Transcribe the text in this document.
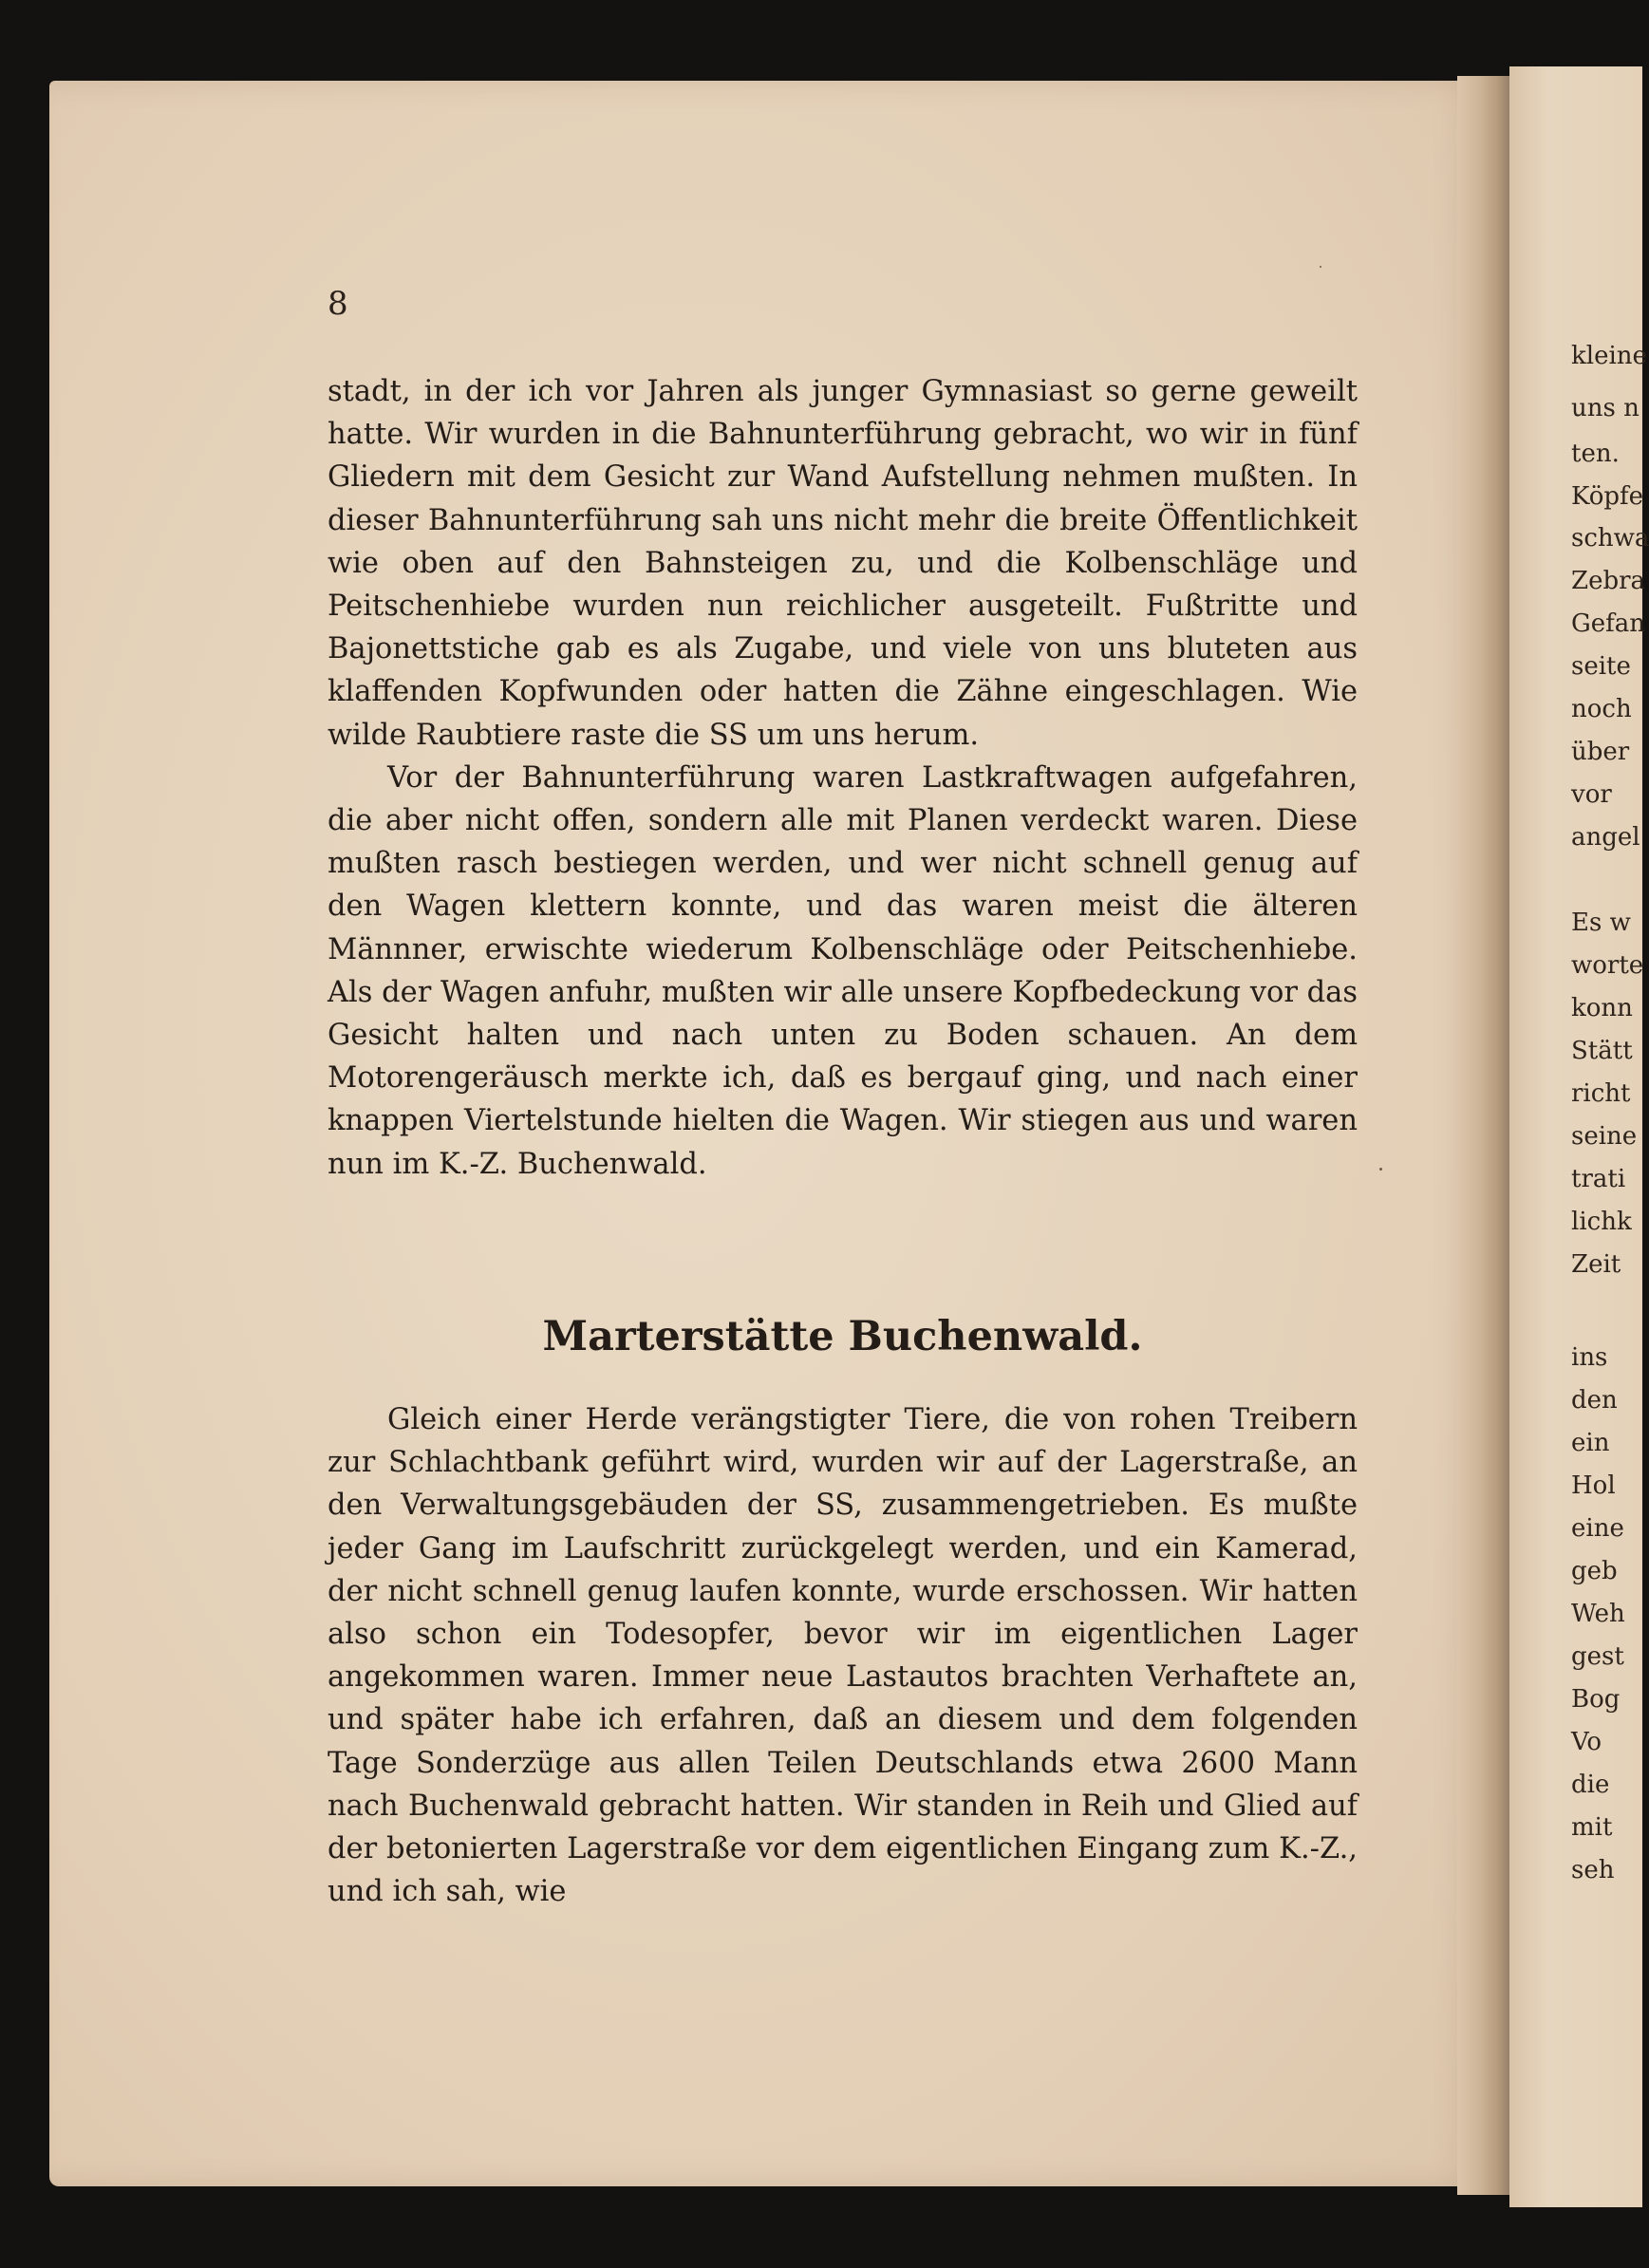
8

stadt, in der ich vor Jahren als junger Gymnasiast so gerne geweilt hatte. Wir wurden in die Bahnunterführung gebracht, wo wir in fünf Gliedern mit dem Gesicht zur Wand Aufstellung nehmen mußten. In dieser Bahnunterführung sah uns nicht mehr die breite Öffentlichkeit wie oben auf den Bahnsteigen zu, und die Kolbenschläge und Peitschenhiebe wurden nun reichlicher ausgeteilt. Fußtritte und Bajonettstiche gab es als Zugabe, und viele von uns bluteten aus klaffenden Kopfwunden oder hatten die Zähne eingeschlagen. Wie wilde Raubtiere raste die SS um uns herum.

Vor der Bahnunterführung waren Lastkraftwagen aufgefahren, die aber nicht offen, sondern alle mit Planen verdeckt waren. Diese mußten rasch bestiegen werden, und wer nicht schnell genug auf den Wagen klettern konnte, und das waren meist die älteren Männner, erwischte wiederum Kolbenschläge oder Peitschenhiebe. Als der Wagen anfuhr, mußten wir alle unsere Kopfbedeckung vor das Gesicht halten und nach unten zu Boden schauen. An dem Motorengeräusch merkte ich, daß es bergauf ging, und nach einer knappen Viertelstunde hielten die Wagen. Wir stiegen aus und waren nun im K.-Z. Buchenwald.

Marterstätte Buchenwald.

Gleich einer Herde verängstigter Tiere, die von rohen Treibern zur Schlachtbank geführt wird, wurden wir auf der Lagerstraße, an den Verwaltungsgebäuden der SS, zusammengetrieben. Es mußte jeder Gang im Laufschritt zurückgelegt werden, und ein Kamerad, der nicht schnell genug laufen konnte, wurde erschossen. Wir hatten also schon ein Todesopfer, bevor wir im eigentlichen Lager angekommen waren. Immer neue Lastautos brachten Verhaftete an, und später habe ich erfahren, daß an diesem und dem folgenden Tage Sonderzüge aus allen Teilen Deutschlands etwa 2600 Mann nach Buchenwald gebracht hatten. Wir standen in Reih und Glied auf der betonierten Lagerstraße vor dem eigentlichen Eingang zum K.-Z., und ich sah, wie

kleine
uns n
ten.
Köpfe
schwa
Zebra
Gefan
seite
noch
über
vor
angel
Es w
worte
konn
Stätt
richt
seine
trati
lichk
Zeit
ins
den
ein
Hol
eine
geb
Weh
gest
Bog
Vo
die
mit
seh
